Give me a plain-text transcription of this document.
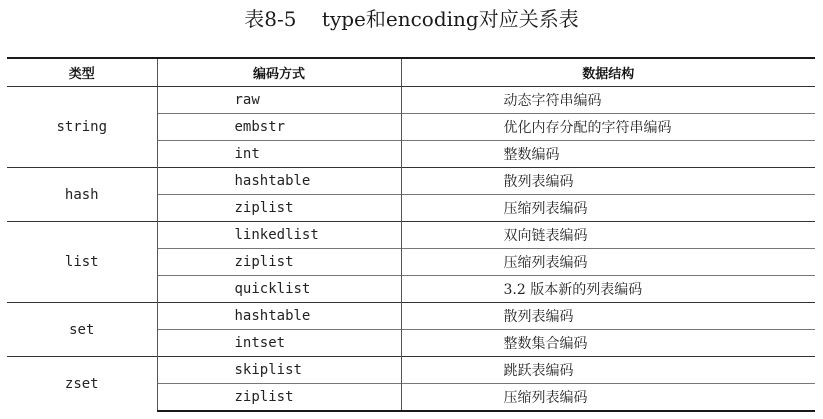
表8-5    type和encoding对应关系表
类型	编码方式	数据结构
string	raw	动态字符串编码
	embstr	优化内存分配的字符串编码
	int	整数编码
hash	hashtable	散列表编码
	ziplist	压缩列表编码
list	linkedlist	双向链表编码
	ziplist	压缩列表编码
	quicklist	3.2 版本新的列表编码
set	hashtable	散列表编码
	intset	整数集合编码
zset	skiplist	跳跃表编码
	ziplist	压缩列表编码
